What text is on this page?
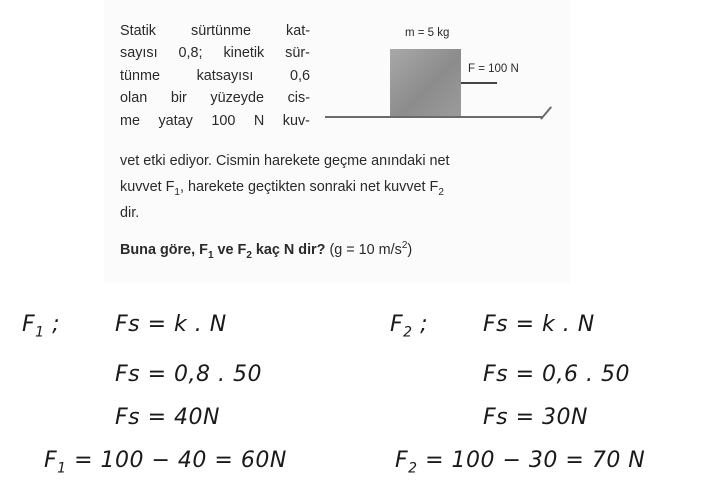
Statik sürtünme kat-
sayısı 0,8; kinetik sür-
tünme	katsayısı	0,6
olan bir yüzeyde cis-
me yatay 100 N kuv-
vet etki ediyor. Cismin harekete geçme anındaki net
kuvvet $F_1$, harekete geçtikten sonraki net kuvvet $F_2$
dir.
Buna göre, $F_1$ ve $F_2$ kaç N dir? (g = 10 $m/s^2$)
m = 5 kg
F = 100 N
$F_1$ ;	Fs = k . N
Fs = 0,8 . 50
Fs = 40N
$F_1 = 100 - 40 = 60N$
$F_2$ ;	Fs = k . N
Fs = 0,6 . 50
Fs = 30N
$F_2 = 100 - 30 = 70$ N
